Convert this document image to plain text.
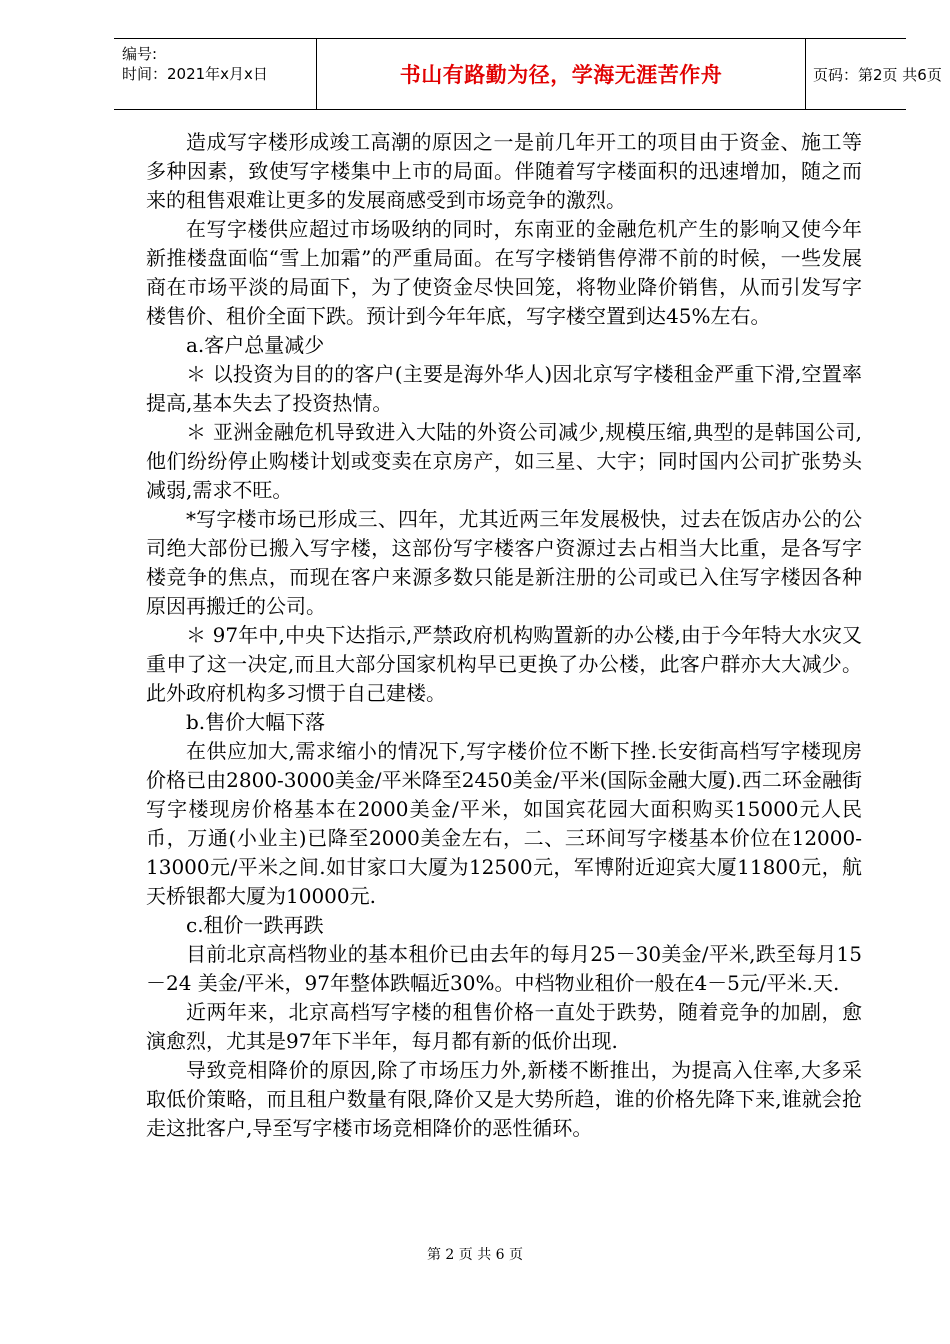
编号:
时间：2021年x月x日	书山有路勤为径，学海无涯苦作舟	页码：第2页 共6页

造成写字楼形成竣工高潮的原因之一是前几年开工的项目由于资金、施工等多种因素，致使写字楼集中上市的局面。伴随着写字楼面积的迅速增加，随之而来的租售艰难让更多的发展商感受到市场竞争的激烈。

在写字楼供应超过市场吸纳的同时，东南亚的金融危机产生的影响又使今年新推楼盘面临“雪上加霜”的严重局面。在写字楼销售停滞不前的时候，一些发展商在市场平淡的局面下，为了使资金尽快回笼，将物业降价销售，从而引发写字楼售价、租价全面下跌。预计到今年年底，写字楼空置到达45%左右。

a.客户总量减少

＊ 以投资为目的的客户(主要是海外华人)因北京写字楼租金严重下滑,空置率提高,基本失去了投资热情。

＊ 亚洲金融危机导致进入大陆的外资公司减少,规模压缩,典型的是韩国公司,他们纷纷停止购楼计划或变卖在京房产，如三星、大宇；同时国内公司扩张势头减弱,需求不旺。

*写字楼市场已形成三、四年，尤其近两三年发展极快，过去在饭店办公的公司绝大部份已搬入写字楼，这部份写字楼客户资源过去占相当大比重，是各写字楼竞争的焦点，而现在客户来源多数只能是新注册的公司或已入住写字楼因各种原因再搬迁的公司。

＊ 97年中,中央下达指示,严禁政府机构购置新的办公楼,由于今年特大水灾又重申了这一决定,而且大部分国家机构早已更换了办公楼，此客户群亦大大减少。此外政府机构多习惯于自己建楼。

b.售价大幅下落

在供应加大,需求缩小的情况下,写字楼价位不断下挫.长安街高档写字楼现房价格已由2800-3000美金/平米降至2450美金/平米(国际金融大厦).西二环金融街写字楼现房价格基本在2000美金/平米，如国宾花园大面积购买15000元人民币，万通(小业主)已降至2000美金左右，二、三环间写字楼基本价位在12000-13000元/平米之间.如甘家口大厦为12500元，军博附近迎宾大厦11800元，航天桥银都大厦为10000元.

c.租价一跌再跌

目前北京高档物业的基本租价已由去年的每月25－30美金/平米,跌至每月15－24 美金/平米，97年整体跌幅近30%。中档物业租价一般在4－5元/平米.天.

近两年来，北京高档写字楼的租售价格一直处于跌势，随着竞争的加剧，愈演愈烈，尤其是97年下半年，每月都有新的低价出现.

导致竞相降价的原因,除了市场压力外,新楼不断推出，为提高入住率,大多采取低价策略，而且租户数量有限,降价又是大势所趋，谁的价格先降下来,谁就会抢走这批客户,导至写字楼市场竞相降价的恶性循环。

第 2 页 共 6 页
